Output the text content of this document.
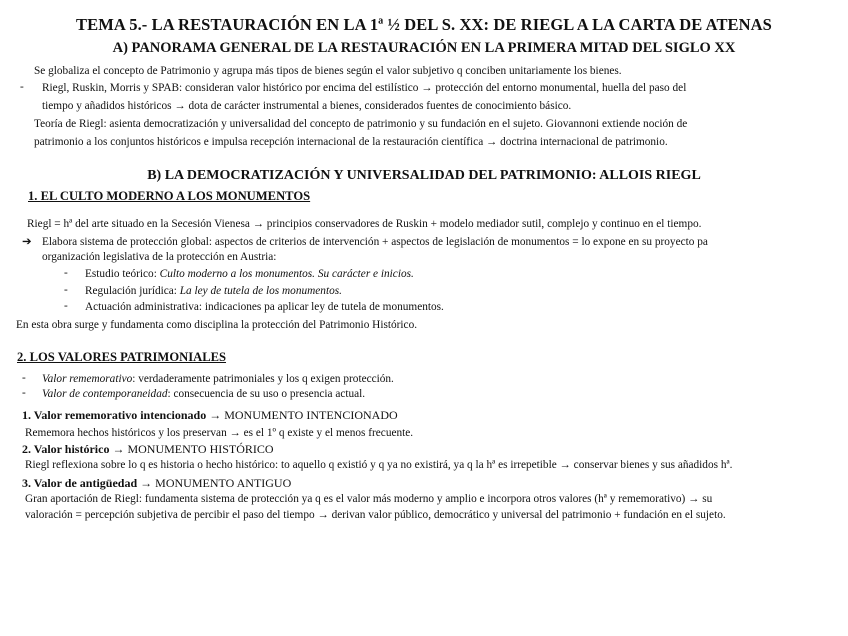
TEMA 5.- LA RESTAURACIÓN EN LA 1ª ½ DEL S. XX: DE RIEGL A LA CARTA DE ATENAS
A) PANORAMA GENERAL DE LA RESTAURACIÓN EN LA PRIMERA MITAD DEL SIGLO XX
Se globaliza el concepto de Patrimonio y agrupa más tipos de bienes según el valor subjetivo q conciben unitariamente los bienes.
- Riegl, Ruskin, Morris y SPAB: consideran valor histórico por encima del estilístico → protección del entorno monumental, huella del paso del
tiempo y añadidos históricos → dota de carácter instrumental a bienes, considerados fuentes de conocimiento básico.
Teoría de Riegl: asienta democratización y universalidad del concepto de patrimonio y su fundación en el sujeto. Giovannoni extiende noción de
patrimonio a los conjuntos históricos e impulsa recepción internacional de la restauración científica → doctrina internacional de patrimonio.
B) LA DEMOCRATIZACIÓN Y UNIVERSALIDAD DEL PATRIMONIO: ALLOIS RIEGL
1. EL CULTO MODERNO A LOS MONUMENTOS
Riegl = hª del arte situado en la Secesión Vienesa → principios conservadores de Ruskin + modelo mediador sutil, complejo y continuo en el tiempo.
➔ Elabora sistema de protección global: aspectos de criterios de intervención + aspectos de legislación de monumentos = lo expone en su proyecto pa
organización legislativa de la protección en Austria:
- Estudio teórico: Culto moderno a los monumentos. Su carácter e inicios.
- Regulación jurídica: La ley de tutela de los monumentos.
- Actuación administrativa: indicaciones pa aplicar ley de tutela de monumentos.
En esta obra surge y fundamenta como disciplina la protección del Patrimonio Histórico.
2. LOS VALORES PATRIMONIALES
- Valor rememorativo: verdaderamente patrimoniales y los q exigen protección.
- Valor de contemporaneidad: consecuencia de su uso o presencia actual.
1. Valor rememorativo intencionado → MONUMENTO INTENCIONADO
Rememora hechos históricos y los preservan → es el 1º q existe y el menos frecuente.
2. Valor histórico → MONUMENTO HISTÓRICO
Riegl reflexiona sobre lo q es historia o hecho histórico: to aquello q existió y q ya no existirá, ya q la hª es irrepetible → conservar bienes y sus añadidos hª.
3. Valor de antigüedad → MONUMENTO ANTIGUO
Gran aportación de Riegl: fundamenta sistema de protección ya q es el valor más moderno y amplio e incorpora otros valores (hª y rememorativo) → su
valoración = percepción subjetiva de percibir el paso del tiempo → derivan valor público, democrático y universal del patrimonio + fundación en el sujeto.
